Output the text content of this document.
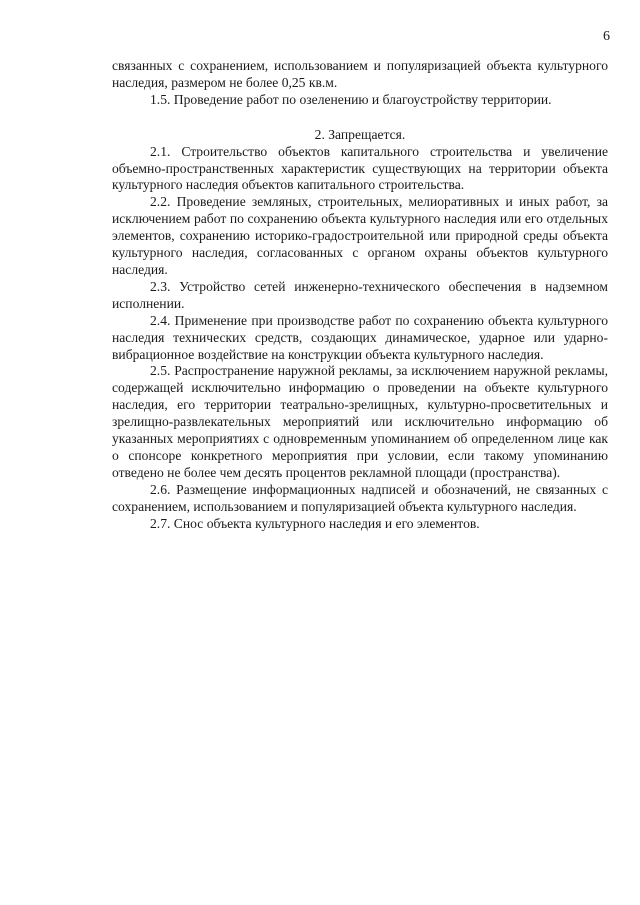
6

связанных с сохранением, использованием и популяризацией объекта культурного наследия, размером не более 0,25 кв.м.

1.5. Проведение работ по озеленению и благоустройству территории.

2. Запрещается.

2.1. Строительство объектов капитального строительства и увеличение объемно-пространственных характеристик существующих на территории объекта культурного наследия объектов капитального строительства.

2.2. Проведение земляных, строительных, мелиоративных и иных работ, за исключением работ по сохранению объекта культурного наследия или его отдельных элементов, сохранению историко-градостроительной или природной среды объекта культурного наследия, согласованных с органом охраны объектов культурного наследия.

2.3. Устройство сетей инженерно-технического обеспечения в надземном исполнении.

2.4. Применение при производстве работ по сохранению объекта культурного наследия технических средств, создающих динамическое, ударное или ударно-вибрационное воздействие на конструкции объекта культурного наследия.

2.5. Распространение наружной рекламы, за исключением наружной рекламы, содержащей исключительно информацию о проведении на объекте культурного наследия, его территории театрально-зрелищных, культурно-просветительных и зрелищно-развлекательных мероприятий или исключительно информацию об указанных мероприятиях с одновременным упоминанием об определенном лице как о спонсоре конкретного мероприятия при условии, если такому упоминанию отведено не более чем десять процентов рекламной площади (пространства).

2.6. Размещение информационных надписей и обозначений, не связанных с сохранением, использованием и популяризацией объекта культурного наследия.

2.7. Снос объекта культурного наследия и его элементов.
